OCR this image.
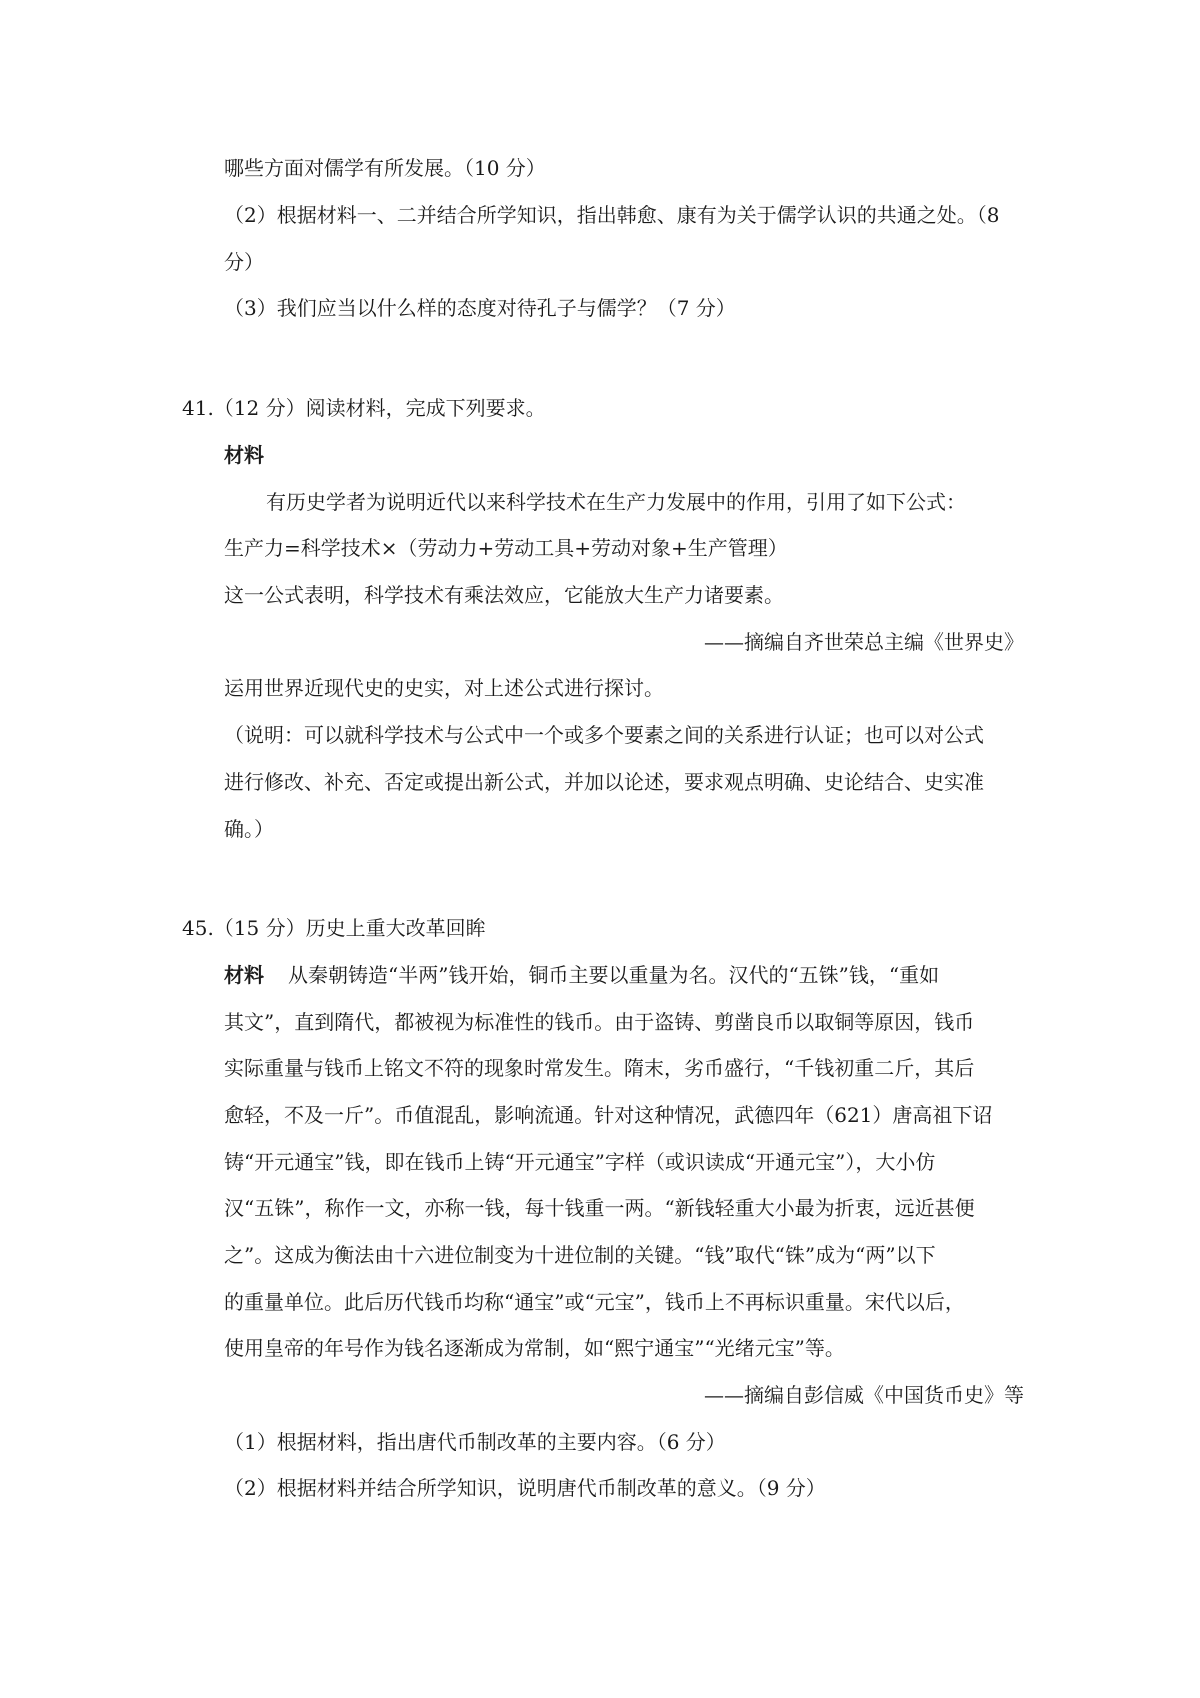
哪些方面对儒学有所发展。（10 分）
（2）根据材料一、二并结合所学知识，指出韩愈、康有为关于儒学认识的共通之处。（8
分）
（3）我们应当以什么样的态度对待孔子与儒学？（7 分）
41.（12 分）阅读材料，完成下列要求。
材料
有历史学者为说明近代以来科学技术在生产力发展中的作用，引用了如下公式：
生产力=科学技术×（劳动力+劳动工具+劳动对象+生产管理）
这一公式表明，科学技术有乘法效应，它能放大生产力诸要素。
——摘编自齐世荣总主编《世界史》
运用世界近现代史的史实，对上述公式进行探讨。
（说明：可以就科学技术与公式中一个或多个要素之间的关系进行认证；也可以对公式
进行修改、补充、否定或提出新公式，并加以论述，要求观点明确、史论结合、史实准
确。）
45.（15 分）历史上重大改革回眸
材料 从秦朝铸造“半两”钱开始，铜币主要以重量为名。汉代的“五铢”钱，“重如
其文”，直到隋代，都被视为标准性的钱币。由于盗铸、剪凿良币以取铜等原因，钱币
实际重量与钱币上铭文不符的现象时常发生。隋末，劣币盛行，“千钱初重二斤，其后
愈轻，不及一斤”。币值混乱，影响流通。针对这种情况，武德四年（621）唐高祖下诏
铸“开元通宝”钱，即在钱币上铸“开元通宝”字样（或识读成“开通元宝”），大小仿
汉“五铢”，称作一文，亦称一钱，每十钱重一两。“新钱轻重大小最为折衷，远近甚便
之”。这成为衡法由十六进位制变为十进位制的关键。“钱”取代“铢”成为“两”以下
的重量单位。此后历代钱币均称“通宝”或“元宝”，钱币上不再标识重量。宋代以后，
使用皇帝的年号作为钱名逐渐成为常制，如“熙宁通宝”“光绪元宝”等。
——摘编自彭信威《中国货币史》等
（1）根据材料，指出唐代币制改革的主要内容。（6 分）
（2）根据材料并结合所学知识，说明唐代币制改革的意义。（9 分）
